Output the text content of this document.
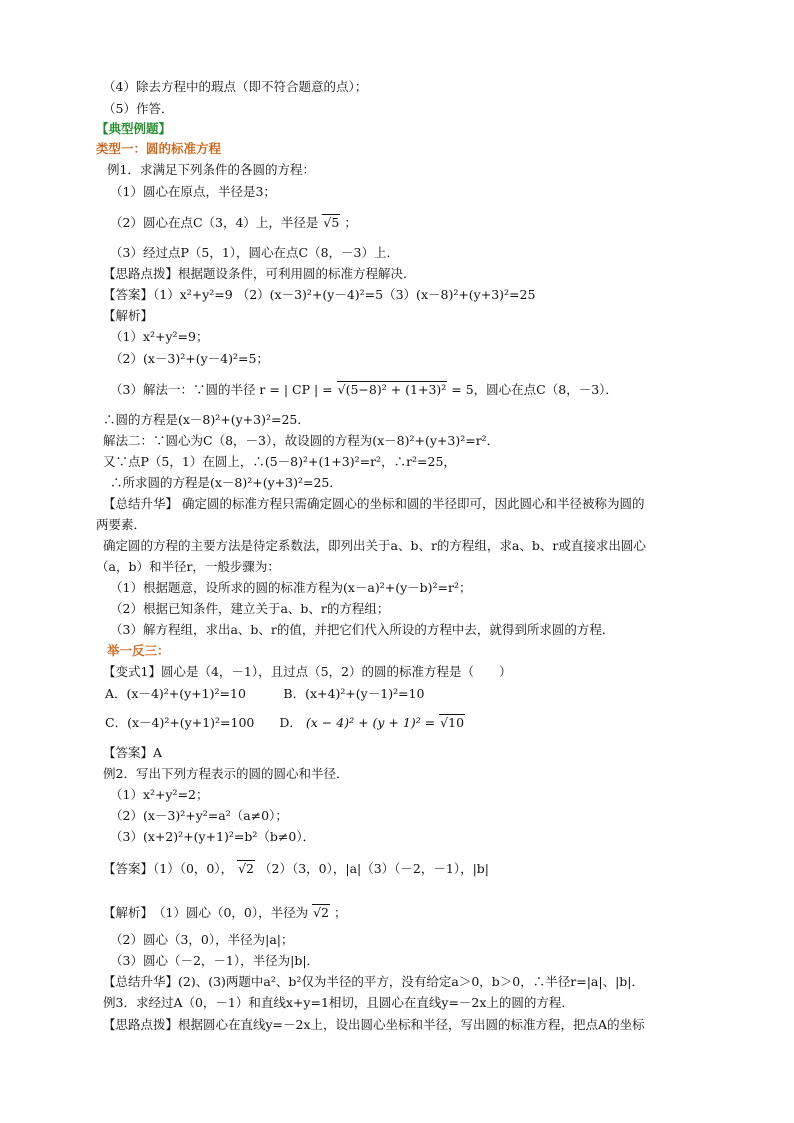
（4）除去方程中的瑕点（即不符合题意的点）；
（5）作答．
【典型例题】
类型一：圆的标准方程
例1．求满足下列条件的各圆的方程：
（1）圆心在原点，半径是3；
（2）圆心在点C（3，4）上，半径是 √5 ；
（3）经过点P（5，1），圆心在点C（8，－3）上．
【思路点拨】根据题设条件，可利用圆的标准方程解决．
【答案】（1）x²+y²=9 （2）(x－3)²+(y－4)²=5（3）(x－8)²+(y+3)²=25
【解析】
（1）x²+y²=9；
（2）(x－3)²+(y－4)²=5；
（3）解法一：∵圆的半径 r = | CP | = √(5−8)² + (1+3)² = 5，圆心在点C（8，－3）．
∴圆的方程是(x－8)²+(y+3)²=25．
解法二：∵圆心为C（8，－3），故设圆的方程为(x－8)²+(y+3)²=r²．
又∵点P（5，1）在圆上，∴(5－8)²+(1+3)²=r²，∴r²=25，
∴所求圆的方程是(x－8)²+(y+3)²=25．
【总结升华】 确定圆的标准方程只需确定圆心的坐标和圆的半径即可，因此圆心和半径被称为圆的
两要素．
确定圆的方程的主要方法是待定系数法，即列出关于a、b、r的方程组，求a、b、r或直接求出圆心
（a，b）和半径r，一般步骤为：
（1）根据题意，设所求的圆的标准方程为(x－a)²+(y－b)²=r²；
（2）根据已知条件，建立关于a、b、r的方程组；
（3）解方程组，求出a、b、r的值，并把它们代入所设的方程中去，就得到所求圆的方程．
举一反三：
【变式1】圆心是（4，－1），且过点（5，2）的圆的标准方程是（　　）
A．(x－4)²+(y+1)²=10　　　B．(x+4)²+(y－1)²=10
C．(x－4)²+(y+1)²=100　　D． (x − 4)² + (y + 1)² = √10
【答案】A
例2．写出下列方程表示的圆的圆心和半径．
（1）x²+y²=2；
（2）(x－3)²+y²=a²（a≠0）；
（3）(x+2)²+(y+1)²=b²（b≠0）．
【答案】（1）（0，0）， √2 （2）（3，0），|a|（3）（－2，－1），|b|
【解析】　（1）圆心（0，0），半径为 √2 ；
（2）圆心（3，0），半径为|a|；
（3）圆心（－2，－1），半径为|b|．
【总结升华】(2)、(3)两题中a²、b²仅为半径的平方，没有给定a＞0，b＞0，∴半径r=|a|、|b|．
例3．求经过A（0，－1）和直线x+y=1相切，且圆心在直线y=－2x上的圆的方程．
【思路点拨】根据圆心在直线y=－2x上，设出圆心坐标和半径，写出圆的标准方程，把点A的坐标
